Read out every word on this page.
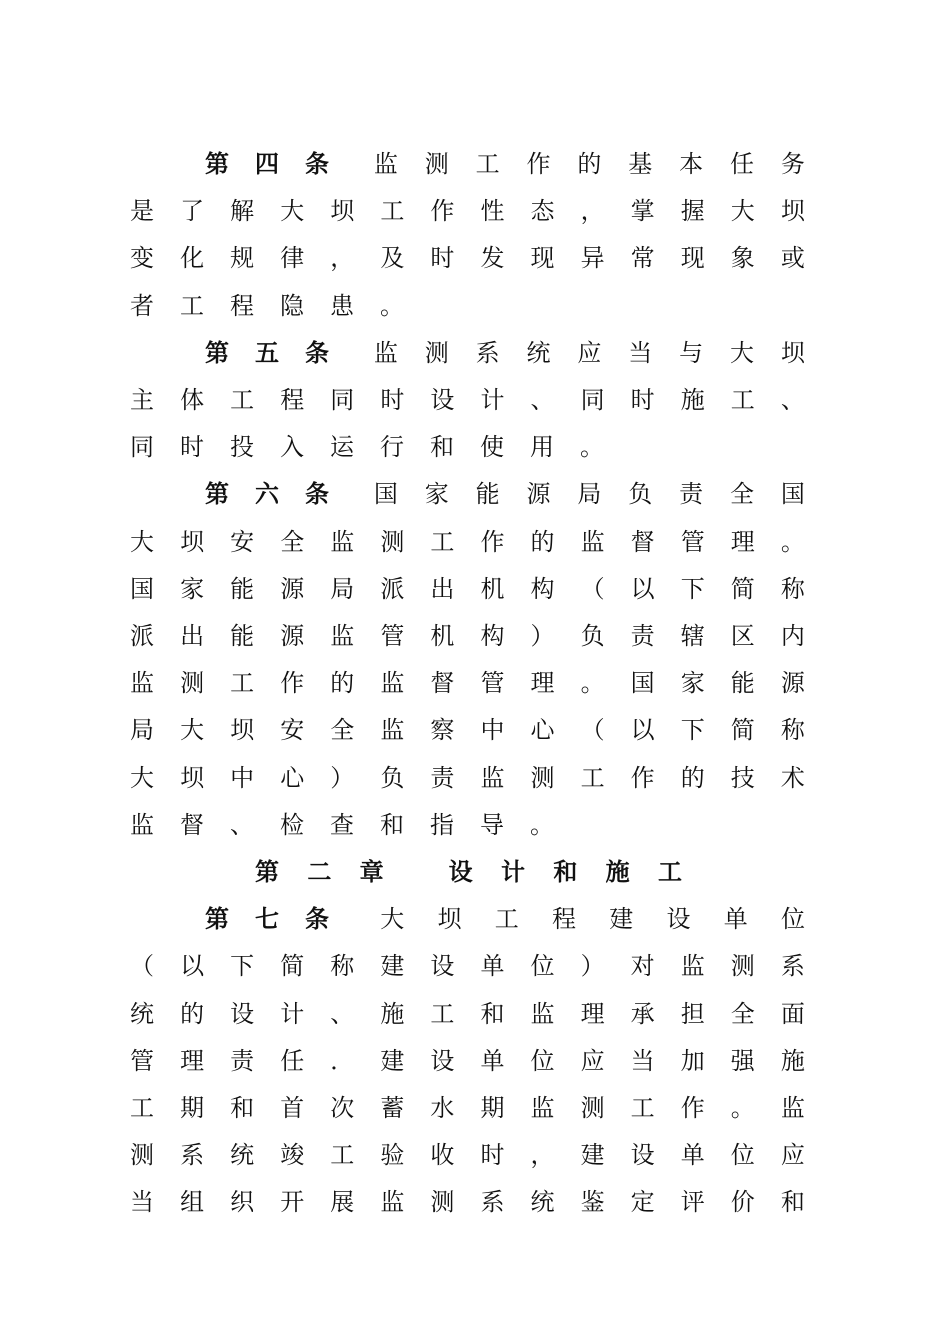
第 四 条 监 测 工 作 的 基 本 任 务
是 了 解 大 坝 工 作 性 态 ， 掌 握 大 坝
变 化 规 律 ， 及 时 发 现 异 常 现 象 或
者 工 程 隐 患 。
第 五 条 监 测 系 统 应 当 与 大 坝
主 体 工 程 同 时 设 计 、 同 时 施 工 、
同 时 投 入 运 行 和 使 用 。
第 六 条 国 家 能 源 局 负 责 全 国
大 坝 安 全 监 测 工 作 的 监 督 管 理 。
国 家 能 源 局 派 出 机 构 （ 以 下 简 称
派 出 能 源 监 管 机 构 ） 负 责 辖 区 内
监 测 工 作 的 监 督 管 理 。 国 家 能 源
局 大 坝 安 全 监 察 中 心 （ 以 下 简 称
大 坝 中 心 ） 负 责 监 测 工 作 的 技 术
监 督 、 检 查 和 指 导 。
第 二 章
	设 计 和 施 工
第 七 条 大 坝 工 程 建 设 单 位
（ 以 下 简 称 建 设 单 位 ） 对 监 测 系
统 的 设 计 、 施 工 和 监 理 承 担 全 面
管 理 责 任 ． 建 设 单 位 应 当 加 强 施
工 期 和 首 次 蓄 水 期 监 测 工 作 。 监
测 系 统 竣 工 验 收 时 ， 建 设 单 位 应
当 组 织 开 展 监 测 系 统 鉴 定 评 价 和
